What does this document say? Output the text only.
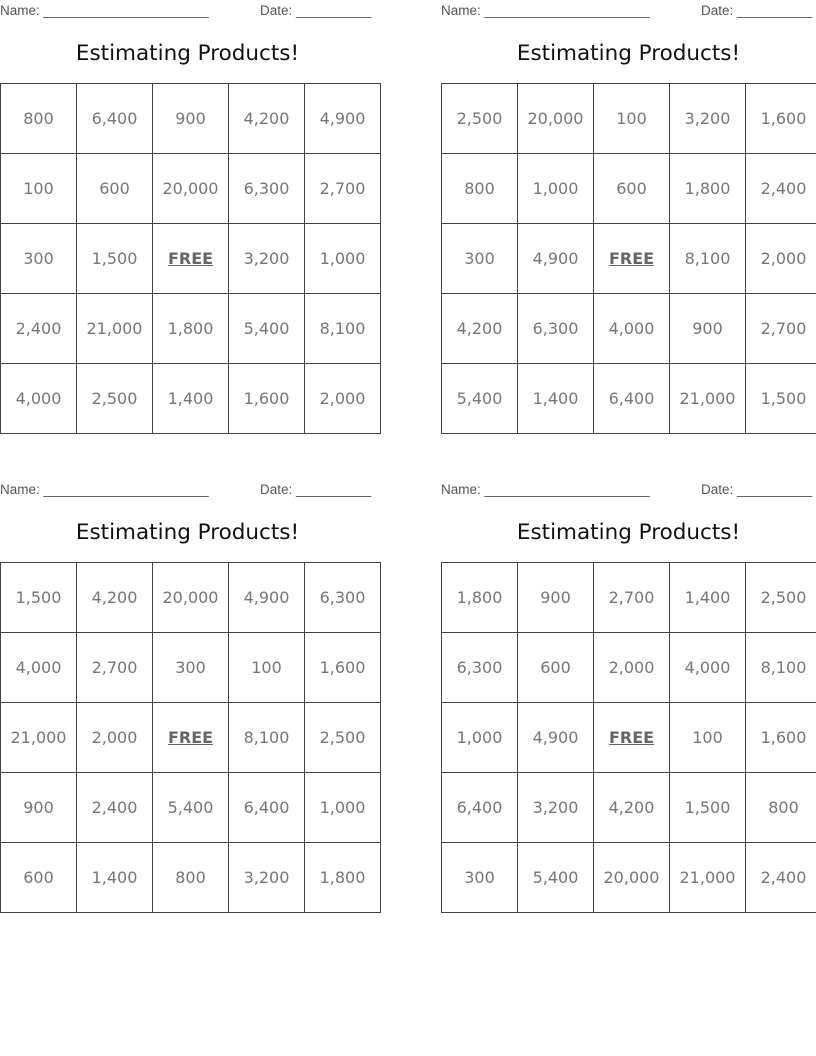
Name: ______________________	Date: __________
Estimating Products!
800	6,400	900	4,200	4,900
100	600	20,000	6,300	2,700
300	1,500	FREE	3,200	1,000
2,400	21,000	1,800	5,400	8,100
4,000	2,500	1,400	1,600	2,000
Name: ______________________	Date: __________
Estimating Products!
2,500	20,000	100	3,200	1,600
800	1,000	600	1,800	2,400
300	4,900	FREE	8,100	2,000
4,200	6,300	4,000	900	2,700
5,400	1,400	6,400	21,000	1,500
Name: ______________________	Date: __________
Estimating Products!
1,500	4,200	20,000	4,900	6,300
4,000	2,700	300	100	1,600
21,000	2,000	FREE	8,100	2,500
900	2,400	5,400	6,400	1,000
600	1,400	800	3,200	1,800
Name: ______________________	Date: __________
Estimating Products!
1,800	900	2,700	1,400	2,500
6,300	600	2,000	4,000	8,100
1,000	4,900	FREE	100	1,600
6,400	3,200	4,200	1,500	800
300	5,400	20,000	21,000	2,400
